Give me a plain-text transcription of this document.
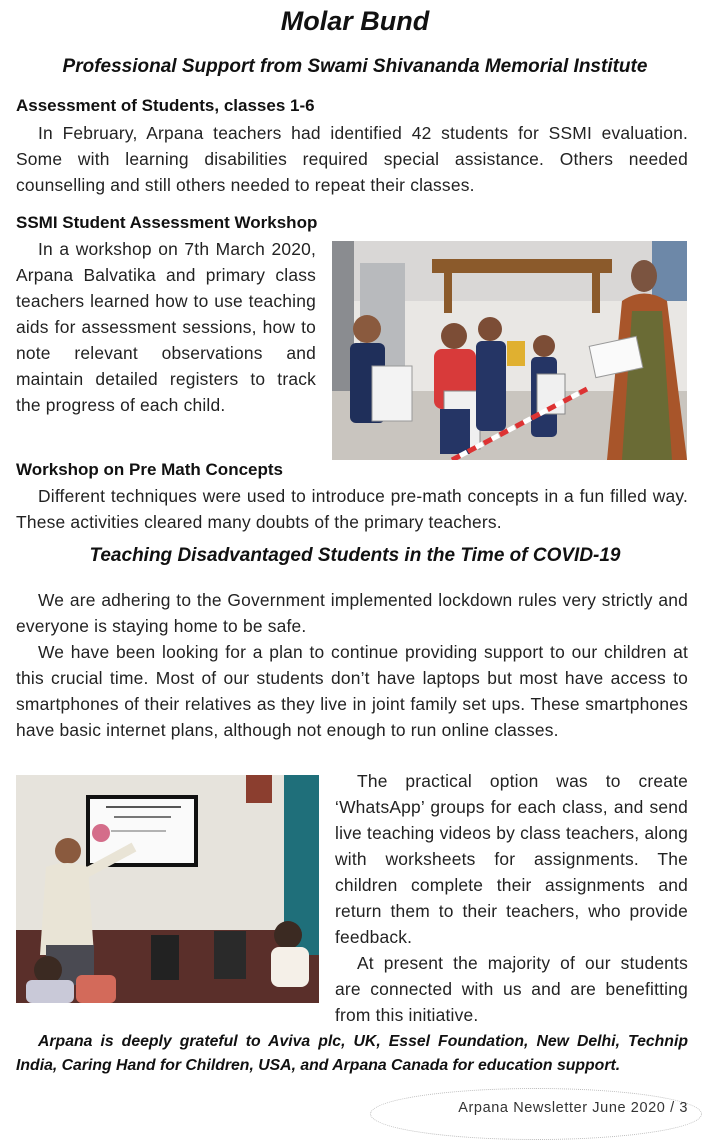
Molar Bund
Professional Support from Swami Shivananda Memorial Institute
Assessment of Students, classes 1-6

In February, Arpana teachers had identified 42 students for SSMI evaluation. Some with learning disabilities required special assistance. Others needed counselling and still others needed to repeat their classes.

SSMI Student Assessment Workshop

In a workshop on 7th March 2020, Arpana Balvatika and primary class teachers learned how to use teaching aids for assessment sessions, how to note relevant observations and maintain detailed registers to track the progress of each child.

Workshop on Pre Math Concepts

Different techniques were used to introduce pre-math concepts in a fun filled way. These activities cleared many doubts of the primary teachers.

Teaching Disadvantaged Students in the Time of COVID-19

We are adhering to the Government implemented lockdown rules very strictly and everyone is staying home to be safe.

We have been looking for a plan to continue providing support to our children at this crucial time. Most of our students don’t have laptops but most have access to smartphones of their relatives as they live in joint family set ups. These smartphones have basic internet plans, although not enough to run online classes.

The practical option was to create ‘WhatsApp’ groups for each class, and send live teaching videos by class teachers, along with worksheets for assignments. The children complete their assignments and return them to their teachers, who provide feedback.

At present the majority of our students are connected with us and are benefitting from this initiative.

Arpana is deeply grateful to Aviva plc, UK, Essel Foundation, New Delhi, Technip India, Caring Hand for Children, USA, and Arpana Canada for education support.

Arpana Newsletter June 2020 / 3
